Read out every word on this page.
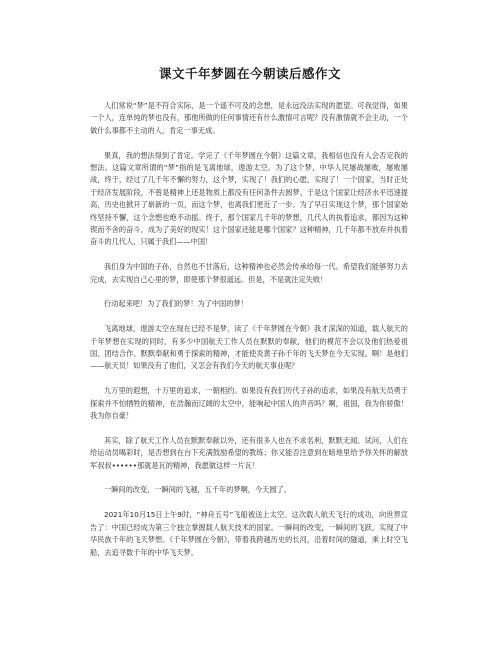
课文千年梦圆在今朝读后感作文

人们常说“梦”是不符合实际，是一个遥不可及的念想，是永远没法实现的愿望。可我觉得，如果一个人，连单纯的梦也没有，那他所做的任何事情还有什么激情可言呢？没有激情就不会主动，一个做什么事都不主动的人，肯定一事无成。

果真，我的想法得到了肯定。学完了《千年梦圆在今朝》这篇文章，我相信也没有人会否定我的想法。这篇文章所谓的“梦”指的是飞离地球，遨游太空。为了这个梦，中华人民屡战屡败，屡败屡战，终于，经过了几千年不懈的努力，这个梦，实现了！我们的心愿，实现了！一个国家，当时正处于经济发展阶段，不曾是精神上还是物质上都没有任何条件去圆梦。于是这个国家让经济水平迅速提高，历史也掀开了崭新的一页，而这个梦，也离我们更近了一步。为了早日实现这个梦，那个国家始终坚持不懈，这个念想也绝不动摇。终于，那个国家几千年的梦想，几代人的执着追求，都因为这种锲而不舍的奋斗，成为了美好的现实！这个国家还能是哪个国家？这种精神，几千年都不放弃并执着奋斗的几代人，只属于我们——中国！

我们身为中国的子孙，自然也不甘落后，这种精神也必然会传承给每一代。希望我们能够努力去完成，去实现自己心里的梦，即使那个梦很遥远。但是，不是就注定失败！

行动起来吧！为了我们的梦！为了中国的梦！

飞离地球，遨游太空在现在已经不是梦，读了《千年梦圆在今朝》我才深深的知道，载人航天的千年梦想在实现的同时，有多少中国航天工作人员在默默的奉献，他们的模范不会以及他们热爱祖国、团结合作、默默奉献和勇于探索的精神，才能使炎黄子孙千年的飞天梦在今天实现。啊！是他们——航天员！如果没有了他们，又怎会有我们今天的航天事业呢？

九万里的遐想，十万里的追求，一朝相约。如果没有我们历代子孙的追求，如果没有航天员勇于探索并不怕牺牲的精神，在浩瀚而辽阔的太空中，能响起中国人的声音吗？啊，祖国，我为你骄傲！我为你自豪！

其实，除了航天工作人员在默默奉献以外，还有很多人也在不求名利，默默无闻。试问，人们在给运动员喝彩时，是否想到在台下充满鼓励希望的教练；你又能否注意到在暗地里给予你关怀的解放军叔叔••••••那就是瓦的精神，我愿做这样一片瓦！

一瞬间的改变，一瞬间的飞越，五千年的梦啊，今天圆了。

2021年10月15日上午9时，“神舟五号”飞船被送上太空。这次载人航天飞行的成功，向世界宣告了：中国已经成为第三个独立掌握载人航天技术的国家。一瞬间的改变，一瞬间的飞跃，实现了中华民族千年的飞天梦想。《千年梦圆在今朝》，带着我跨越历史的长河，沿着时间的隧道，乘上时空飞船，去追寻数千年的中华飞天梦。
